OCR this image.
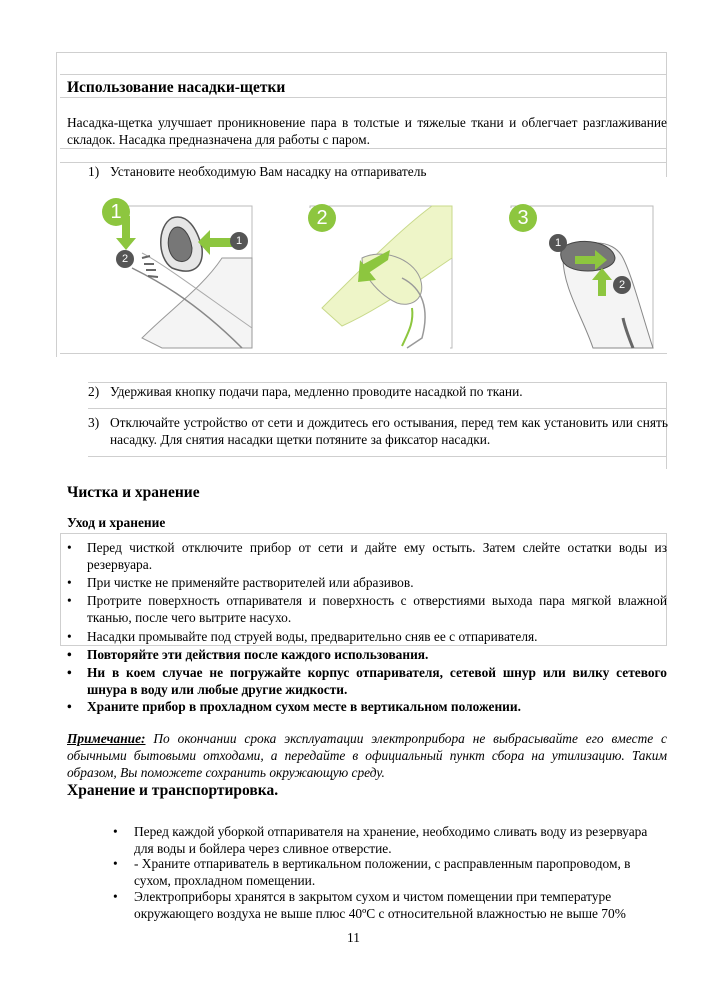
Использование насадки-щетки
Насадка-щетка улучшает проникновение пара в толстые и тяжелые ткани и облегчает разглаживание складок. Насадка предназначена для работы с паром.
1) Установите необходимую Вам насадку на отпариватель
1
1
2
2	3
1
2
2) Удерживая кнопку подачи пара, медленно проводите насадкой по ткани.
3) Отключайте устройство от сети и дождитесь его остывания, перед тем как установить или снять насадку. Для снятия насадки щетки потяните за фиксатор насадки.
Чистка и хранение
Уход и хранение
• Перед чисткой отключите прибор от сети и дайте ему остыть. Затем слейте остатки воды из резервуара.
• При чистке не применяйте растворителей или абразивов.
• Протрите поверхность отпаривателя и поверхность с отверстиями выхода пара мягкой влажной тканью, после чего вытрите насухо.
• Насадки промывайте под струей воды, предварительно сняв ее с отпаривателя.
• Повторяйте эти действия после каждого использования.
• Ни в коем случае не погружайте корпус отпаривателя, сетевой шнур или вилку сетевого шнура в воду или любые другие жидкости.
• Храните прибор в прохладном сухом месте в вертикальном положении.
Примечание: По окончании срока эксплуатации электроприбора не выбрасывайте его вместе с обычными бытовыми отходами, а передайте в официальный пункт сбора на утилизацию. Таким образом, Вы поможете сохранить окружающую среду.
Хранение и транспортировка.
• Перед каждой уборкой отпаривателя на хранение, необходимо сливать воду из резервуара для воды и бойлера через сливное отверстие.
• - Храните отпариватель в вертикальном положении, с расправленным паропроводом, в сухом, прохладном помещении.
• Электроприборы хранятся в закрытом сухом и чистом помещении при температуре окружающего воздуха не выше плюс 40ºС с относительной влажностью не выше 70%
11
